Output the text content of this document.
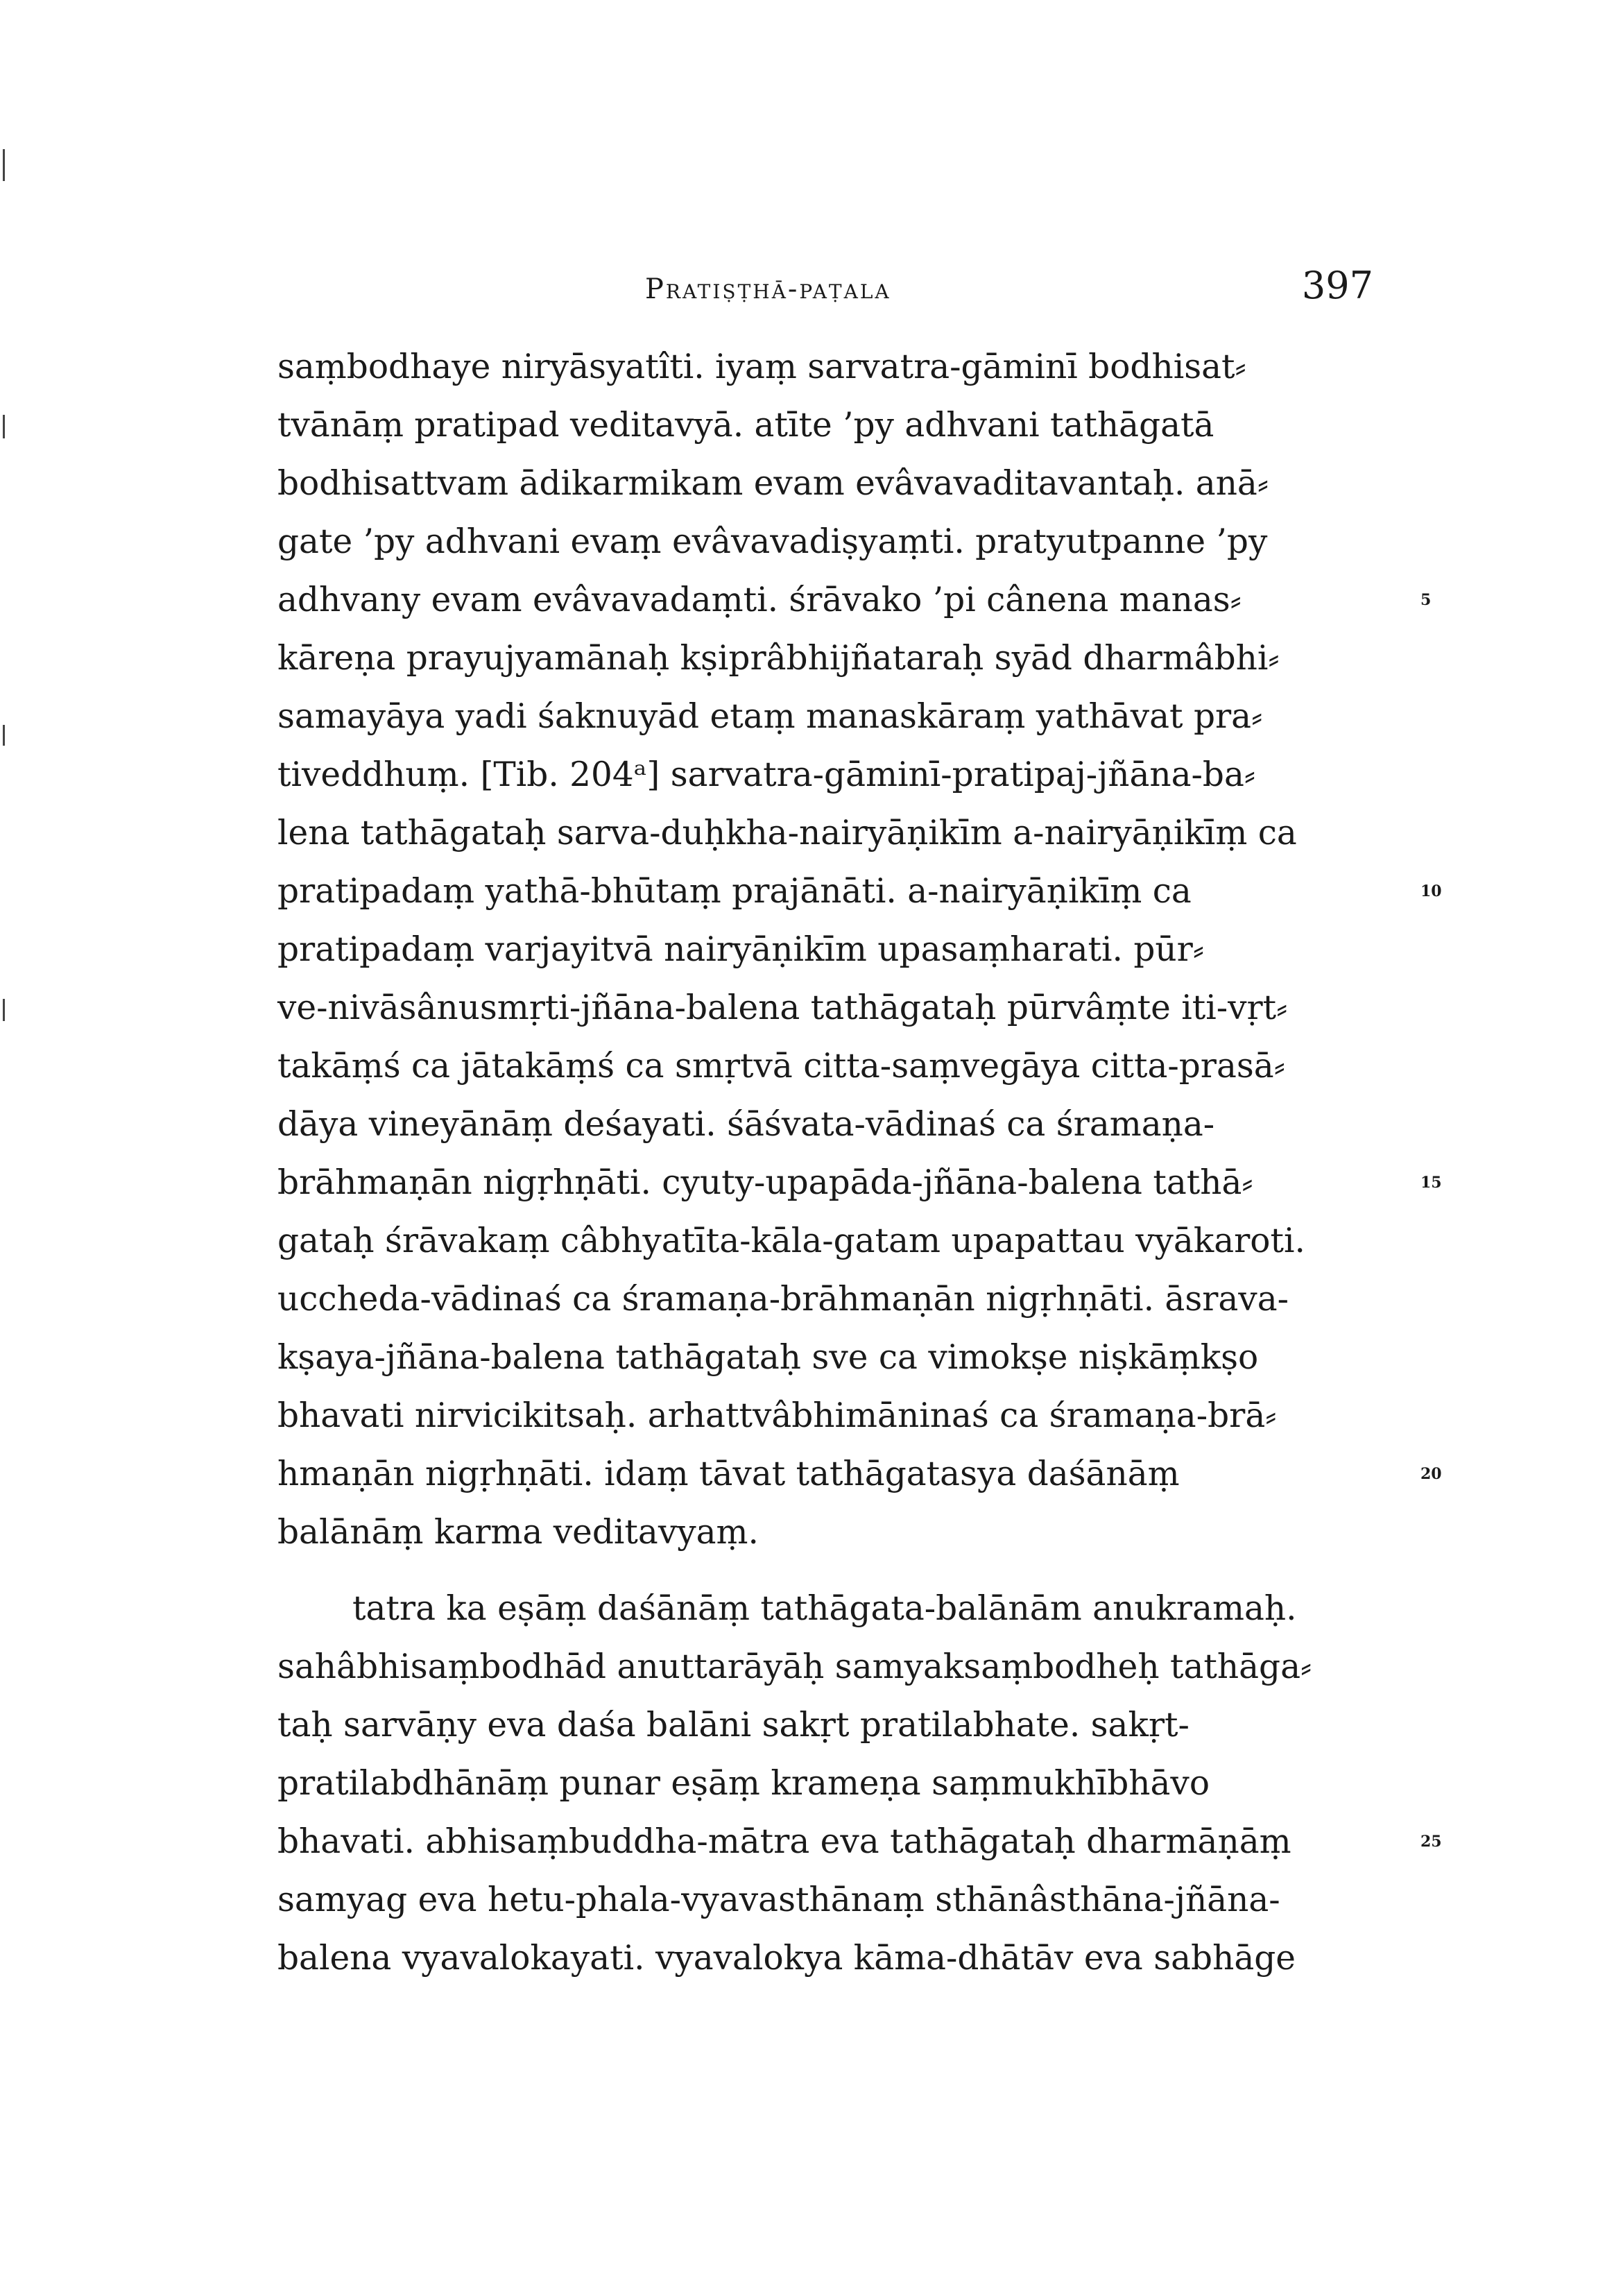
Pratiṣṭhā-paṭala	397
saṃbodhaye niryāsyatîti. iyaṃ sarvatra-gāminī bodhisat⸗
tvānāṃ pratipad veditavyā. atīte ’py adhvani tathāgatā
bodhisattvam ādikarmikam evam evâvavaditavantaḥ. anā⸗
gate ’py adhvani evaṃ evâvavadiṣyaṃti. pratyutpanne ’py
adhvany evam evâvavadaṃti. śrāvako ’pi cânena manas⸗
kāreṇa prayujyamānaḥ kṣiprâbhijñataraḥ syād dharmâbhi⸗
samayāya yadi śaknuyād etaṃ manaskāraṃ yathāvat pra⸗
tiveddhuṃ. [Tib. 204ᵃ] sarvatra-gāminī-pratipaj-jñāna-ba⸗
lena tathāgataḥ sarva-duḥkha-nairyāṇikīm a-nairyāṇikīṃ ca
pratipadaṃ yathā-bhūtaṃ prajānāti. a-nairyāṇikīṃ ca
pratipadaṃ varjayitvā nairyāṇikīm upasaṃharati. pūr⸗
ve-nivāsânusmṛti-jñāna-balena tathāgataḥ pūrvâṃte iti-vṛt⸗
takāṃś ca jātakāṃś ca smṛtvā citta-saṃvegāya citta-prasā⸗
dāya vineyānāṃ deśayati. śāśvata-vādinaś ca śramaṇa-
brāhmaṇān nigṛhṇāti. cyuty-upapāda-jñāna-balena tathā⸗
gataḥ śrāvakaṃ câbhyatīta-kāla-gatam upapattau vyākaroti.
uccheda-vādinaś ca śramaṇa-brāhmaṇān nigṛhṇāti. āsrava-
kṣaya-jñāna-balena tathāgataḥ sve ca vimokṣe niṣkāṃkṣo
bhavati nirvicikitsaḥ. arhattvâbhimāninaś ca śramaṇa-brā⸗
hmaṇān nigṛhṇāti. idaṃ tāvat tathāgatasya daśānāṃ
balānāṃ karma veditavyaṃ.
tatra ka eṣāṃ daśānāṃ tathāgata-balānām anukramaḥ.
sahâbhisaṃbodhād anuttarāyāḥ samyaksaṃbodheḥ tathāga⸗
taḥ sarvāṇy eva daśa balāni sakṛt pratilabhate. sakṛt-
pratilabdhānāṃ punar eṣāṃ krameṇa saṃmukhībhāvo
bhavati. abhisaṃbuddha-mātra eva tathāgataḥ dharmāṇāṃ
samyag eva hetu-phala-vyavasthānaṃ sthānâsthāna-jñāna-
balena vyavalokayati. vyavalokya kāma-dhātāv eva sabhāge
5
10
15
20
25
